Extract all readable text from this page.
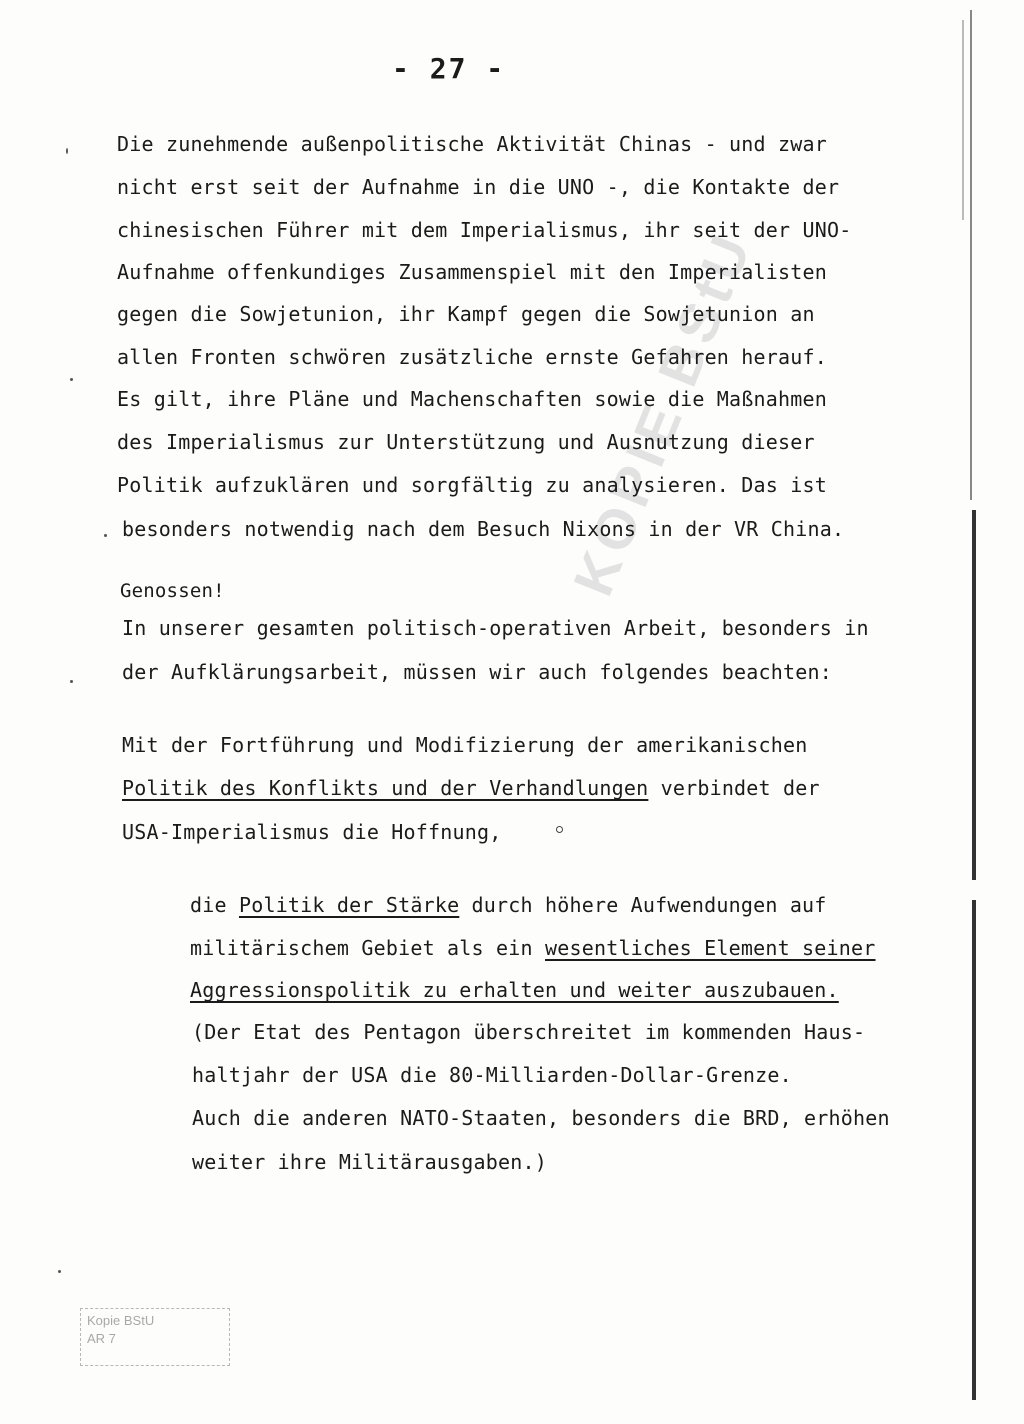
KOPIE BStU
- 27 -
Die zunehmende außenpolitische Aktivität Chinas - und zwar
nicht erst seit der Aufnahme in die UNO -, die Kontakte der
chinesischen Führer mit dem Imperialismus, ihr seit der UNO-
Aufnahme offenkundiges Zusammenspiel mit den Imperialisten
gegen die Sowjetunion, ihr Kampf gegen die Sowjetunion an
allen Fronten schwören zusätzliche ernste Gefahren herauf.
Es gilt, ihre Pläne und Machenschaften sowie die Maßnahmen
des Imperialismus zur Unterstützung und Ausnutzung dieser
Politik aufzuklären und sorgfältig zu analysieren. Das ist
besonders notwendig nach dem Besuch Nixons in der VR China.
Genossen!
In unserer gesamten politisch-operativen Arbeit, besonders in
der Aufklärungsarbeit, müssen wir auch folgendes beachten:
Mit der Fortführung und Modifizierung der amerikanischen
Politik des Konflikts und der Verhandlungen verbindet der
USA-Imperialismus die Hoffnung,
die Politik der Stärke durch höhere Aufwendungen auf
militärischem Gebiet als ein wesentliches Element seiner
Aggressionspolitik zu erhalten und weiter auszubauen.
(Der Etat des Pentagon überschreitet im kommenden Haus-
haltjahr der USA die 80-Milliarden-Dollar-Grenze.
Auch die anderen NATO-Staaten, besonders die BRD, erhöhen
weiter ihre Militärausgaben.)
Kopie BStU
AR 7
